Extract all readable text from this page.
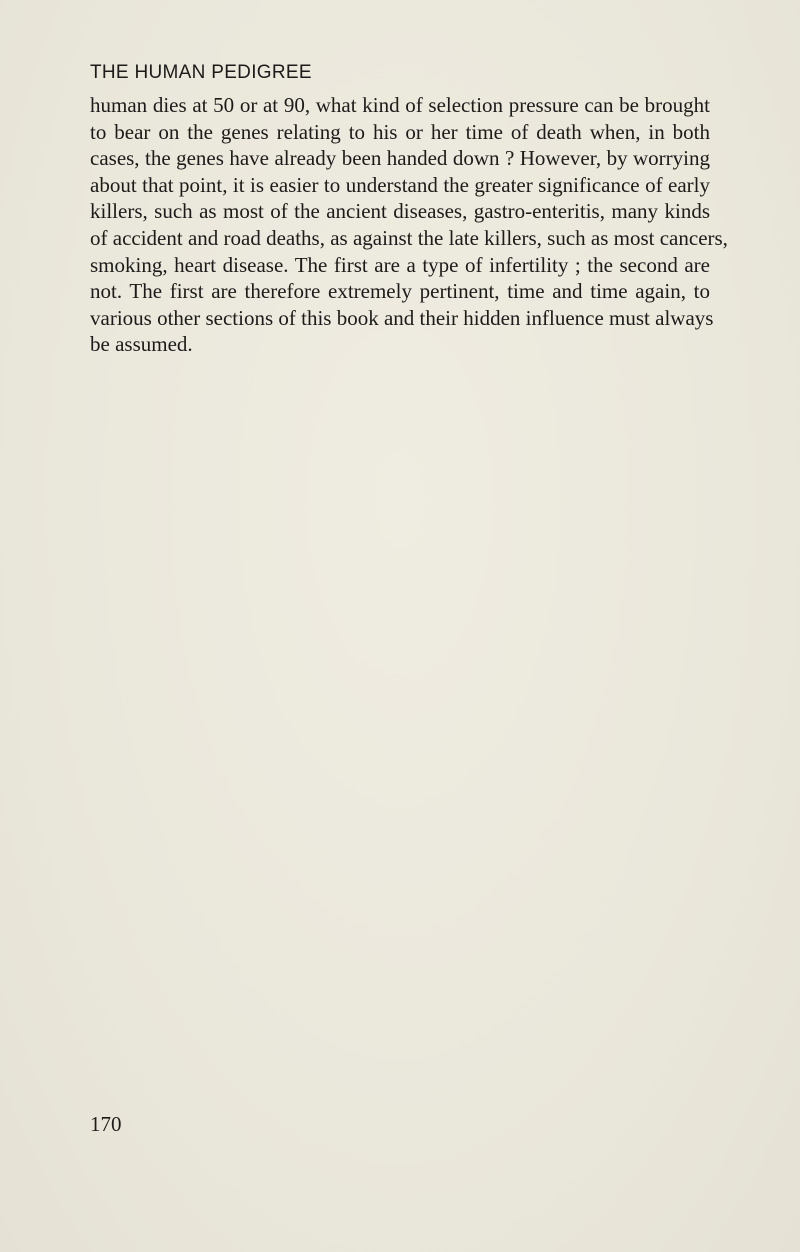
THE HUMAN PEDIGREE
human dies at 50 or at 90, what kind of selection pressure can be brought
to bear on the genes relating to his or her time of death when, in both
cases, the genes have already been handed down ? However, by worrying
about that point, it is easier to understand the greater significance of early
killers, such as most of the ancient diseases, gastro-enteritis, many kinds
of accident and road deaths, as against the late killers, such as most cancers,
smoking, heart disease. The first are a type of infertility ; the second are
not. The first are therefore extremely pertinent, time and time again, to
various other sections of this book and their hidden influence must always
be assumed.
170
